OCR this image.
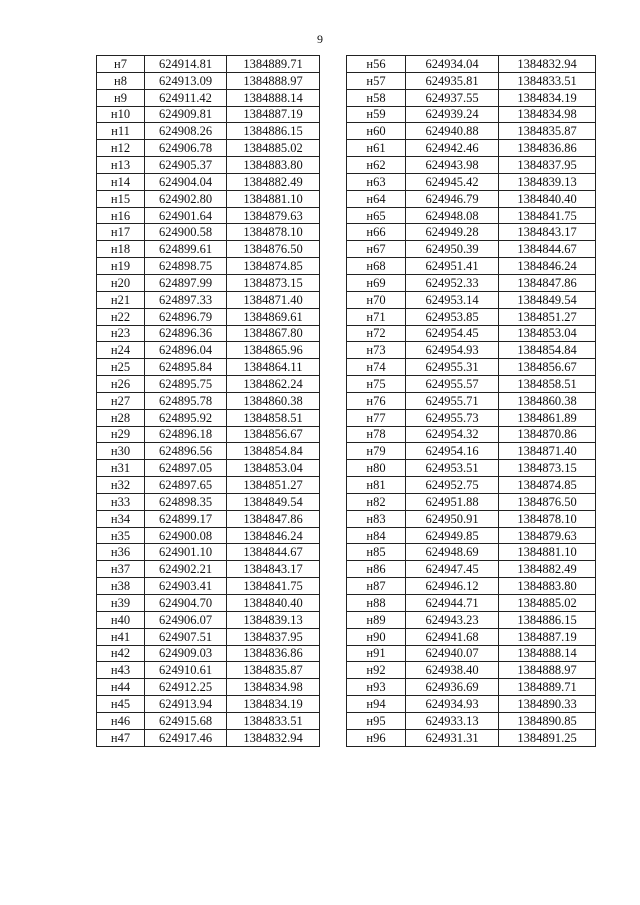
9
н7	624914.81	1384889.71
н8	624913.09	1384888.97
н9	624911.42	1384888.14
н10	624909.81	1384887.19
н11	624908.26	1384886.15
н12	624906.78	1384885.02
н13	624905.37	1384883.80
н14	624904.04	1384882.49
н15	624902.80	1384881.10
н16	624901.64	1384879.63
н17	624900.58	1384878.10
н18	624899.61	1384876.50
н19	624898.75	1384874.85
н20	624897.99	1384873.15
н21	624897.33	1384871.40
н22	624896.79	1384869.61
н23	624896.36	1384867.80
н24	624896.04	1384865.96
н25	624895.84	1384864.11
н26	624895.75	1384862.24
н27	624895.78	1384860.38
н28	624895.92	1384858.51
н29	624896.18	1384856.67
н30	624896.56	1384854.84
н31	624897.05	1384853.04
н32	624897.65	1384851.27
н33	624898.35	1384849.54
н34	624899.17	1384847.86
н35	624900.08	1384846.24
н36	624901.10	1384844.67
н37	624902.21	1384843.17
н38	624903.41	1384841.75
н39	624904.70	1384840.40
н40	624906.07	1384839.13
н41	624907.51	1384837.95
н42	624909.03	1384836.86
н43	624910.61	1384835.87
н44	624912.25	1384834.98
н45	624913.94	1384834.19
н46	624915.68	1384833.51
н47	624917.46	1384832.94
н56	624934.04	1384832.94
н57	624935.81	1384833.51
н58	624937.55	1384834.19
н59	624939.24	1384834.98
н60	624940.88	1384835.87
н61	624942.46	1384836.86
н62	624943.98	1384837.95
н63	624945.42	1384839.13
н64	624946.79	1384840.40
н65	624948.08	1384841.75
н66	624949.28	1384843.17
н67	624950.39	1384844.67
н68	624951.41	1384846.24
н69	624952.33	1384847.86
н70	624953.14	1384849.54
н71	624953.85	1384851.27
н72	624954.45	1384853.04
н73	624954.93	1384854.84
н74	624955.31	1384856.67
н75	624955.57	1384858.51
н76	624955.71	1384860.38
н77	624955.73	1384861.89
н78	624954.32	1384870.86
н79	624954.16	1384871.40
н80	624953.51	1384873.15
н81	624952.75	1384874.85
н82	624951.88	1384876.50
н83	624950.91	1384878.10
н84	624949.85	1384879.63
н85	624948.69	1384881.10
н86	624947.45	1384882.49
н87	624946.12	1384883.80
н88	624944.71	1384885.02
н89	624943.23	1384886.15
н90	624941.68	1384887.19
н91	624940.07	1384888.14
н92	624938.40	1384888.97
н93	624936.69	1384889.71
н94	624934.93	1384890.33
н95	624933.13	1384890.85
н96	624931.31	1384891.25
